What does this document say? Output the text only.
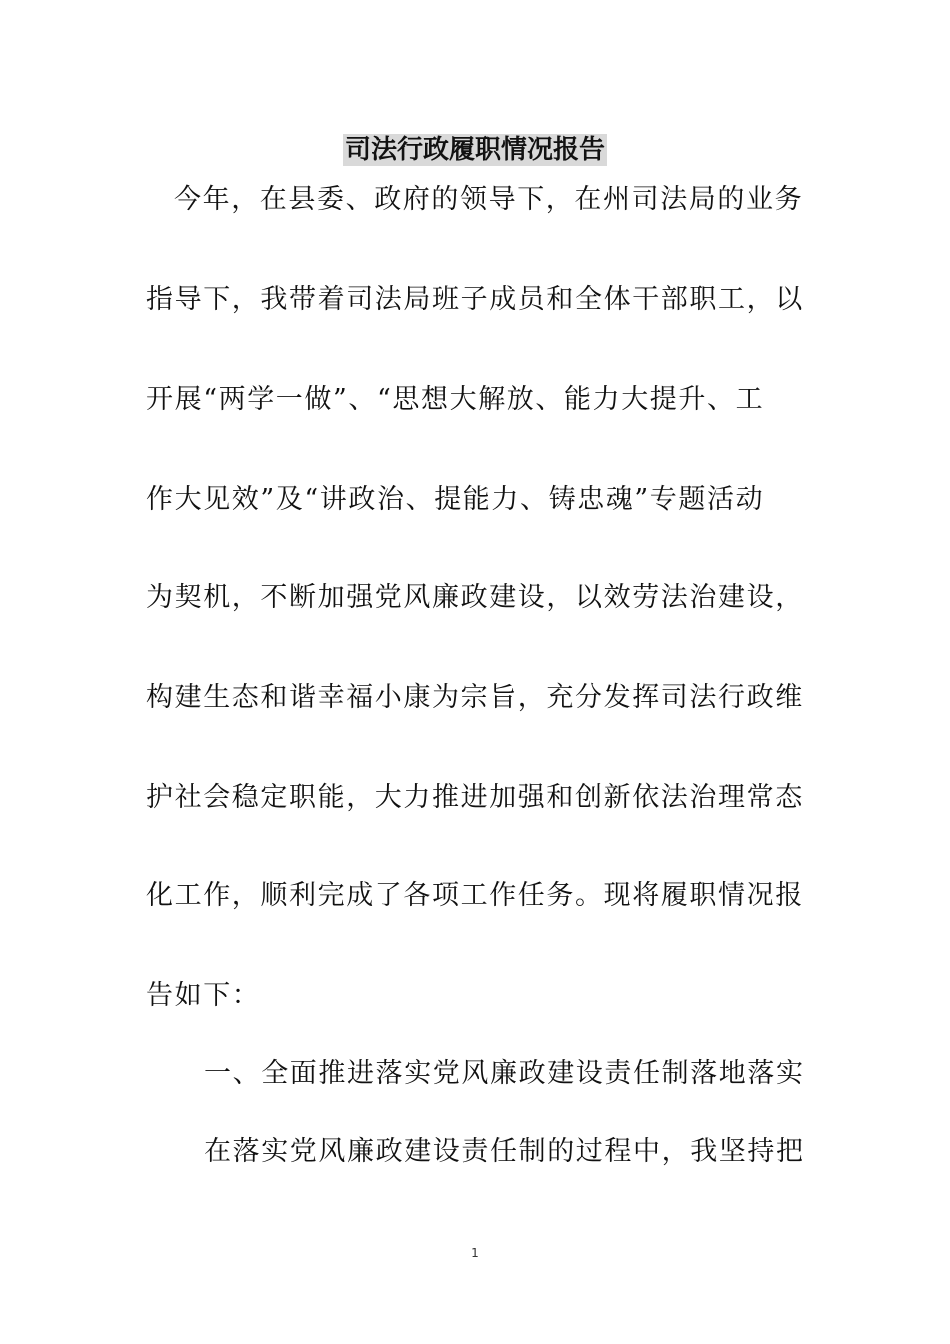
司法行政履职情况报告
今年，在县委、政府的领导下，在州司法局的业务
指导下，我带着司法局班子成员和全体干部职工，以
开展“两学一做”、“思想大解放、能力大提升、工
作大见效”及“讲政治、提能力、铸忠魂”专题活动
为契机，不断加强党风廉政建设，以效劳法治建设，
构建生态和谐幸福小康为宗旨，充分发挥司法行政维
护社会稳定职能，大力推进加强和创新依法治理常态
化工作，顺利完成了各项工作任务。现将履职情况报
告如下：
一、全面推进落实党风廉政建设责任制落地落实
在落实党风廉政建设责任制的过程中，我坚持把
1
